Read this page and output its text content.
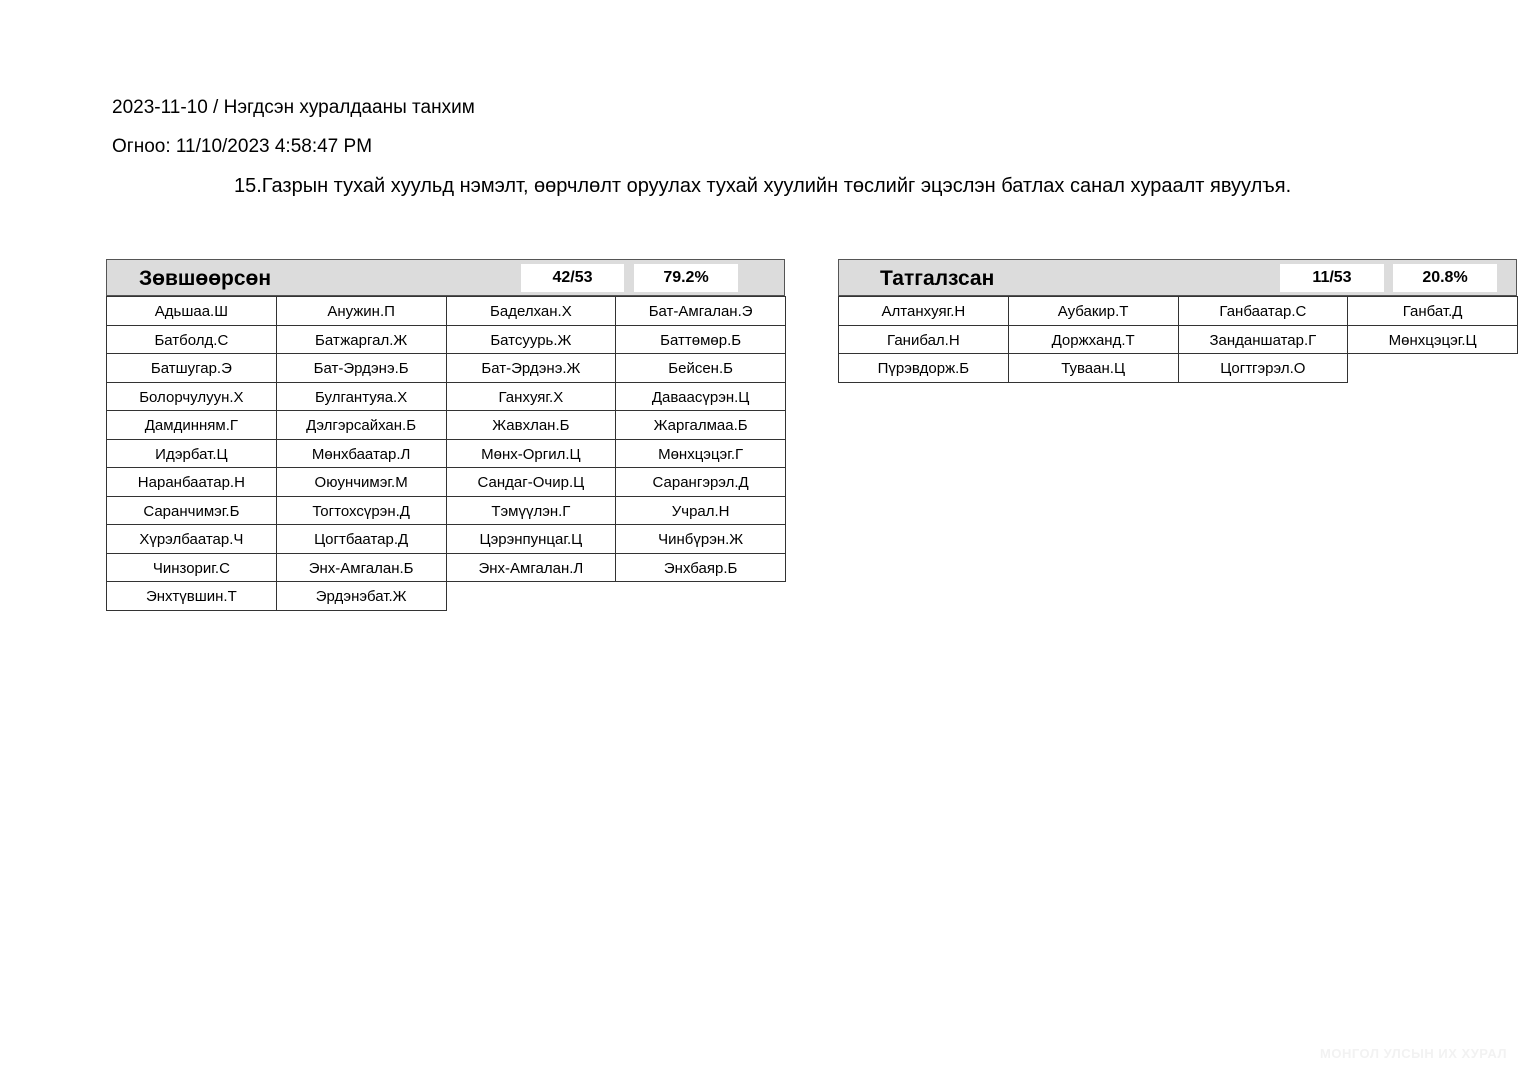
2023-11-10 / Нэгдсэн хуралдааны танхим
Огноо: 11/10/2023 4:58:47 PM
15.Газрын тухай хуульд нэмэлт, өөрчлөлт оруулах тухай хуулийн төслийг эцэслэн батлах санал хураалт явуулъя.
Зөвшөөрсөн	42/53	79.2%
Адьшаа.Ш	Анужин.П	Баделхан.Х	Бат-Амгалан.Э
Батболд.С	Батжаргал.Ж	Батсуурь.Ж	Баттөмөр.Б
Батшугар.Э	Бат-Эрдэнэ.Б	Бат-Эрдэнэ.Ж	Бейсен.Б
Болорчулуун.Х	Булгантуяа.Х	Ганхуяг.Х	Даваасүрэн.Ц
Дамдинням.Г	Дэлгэрсайхан.Б	Жавхлан.Б	Жаргалмаа.Б
Идэрбат.Ц	Мөнхбаатар.Л	Мөнх-Оргил.Ц	Мөнхцэцэг.Г
Наранбаатар.Н	Оюунчимэг.М	Сандаг-Очир.Ц	Сарангэрэл.Д
Саранчимэг.Б	Тогтохсүрэн.Д	Тэмүүлэн.Г	Учрал.Н
Хүрэлбаатар.Ч	Цогтбаатар.Д	Цэрэнпунцаг.Ц	Чинбүрэн.Ж
Чинзориг.С	Энх-Амгалан.Б	Энх-Амгалан.Л	Энхбаяр.Б
Энхтүвшин.Т	Эрдэнэбат.Ж
Татгалзсан	11/53	20.8%
Алтанхуяг.Н	Аубакир.Т	Ганбаатар.С	Ганбат.Д
Ганибал.Н	Доржханд.Т	Занданшатар.Г	Мөнхцэцэг.Ц
Пүрэвдорж.Б	Туваан.Ц	Цогтгэрэл.О
МОНГОЛ УЛСЫН ИХ ХУРАЛ
